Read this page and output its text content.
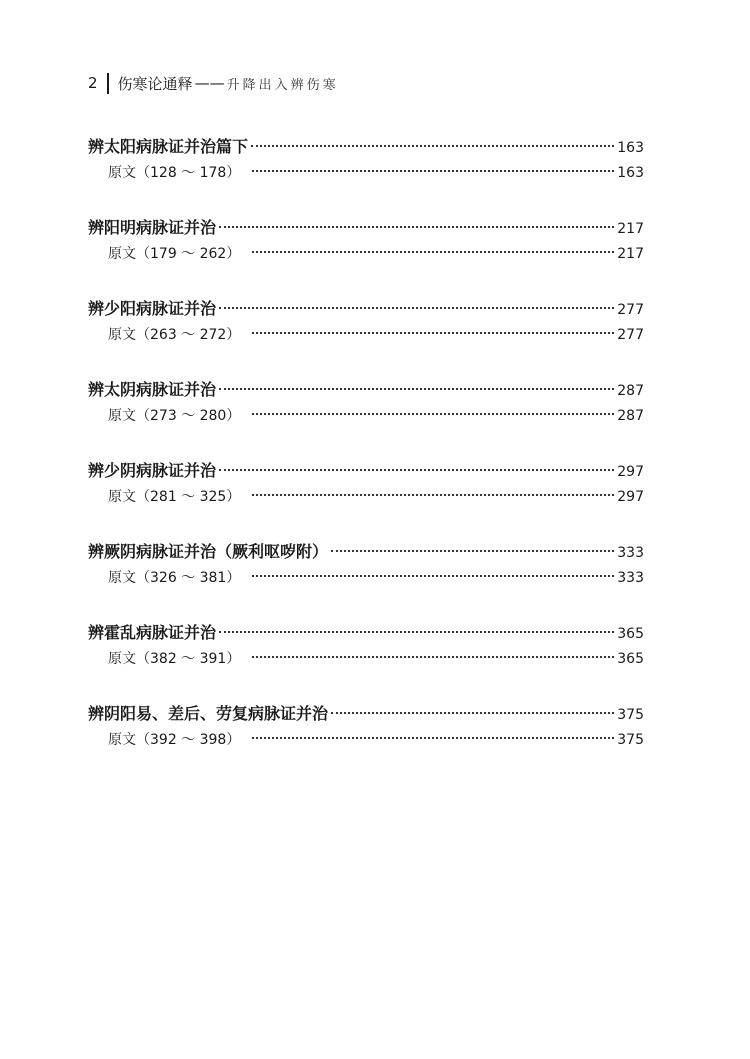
2 伤寒论通释 —— 升降出入辨伤寒
辨太阳病脉证并治篇下	163
原文（128 ～ 178）	163
辨阳明病脉证并治	217
原文（179 ～ 262）	217
辨少阳病脉证并治	277
原文（263 ～ 272）	277
辨太阴病脉证并治	287
原文（273 ～ 280）	287
辨少阴病脉证并治	297
原文（281 ～ 325）	297
辨厥阴病脉证并治（厥利呕哕附）	333
原文（326 ～ 381）	333
辨霍乱病脉证并治	365
原文（382 ～ 391）	365
辨阴阳易、差后、劳复病脉证并治	375
原文（392 ～ 398）	375
